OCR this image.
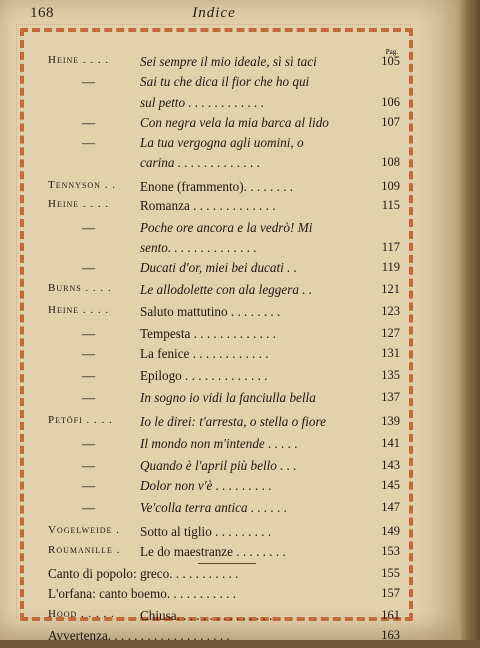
168	Indice
Pag.
Heine . . . . Sei sempre il mio ideale, sì sì taci	105
—	Sai tu che dica il fior che ho qui
sul petto . . . . . . . . . . . .	106
—	Con negra vela la mia barca al lido	107
—	La tua vergogna agli uomini, o
carina . . . . . . . . . . . . .	108
Tennyson . . Enone (frammento). . . . . . . .	109
Heine . . . . Romanza . . . . . . . . . . . . .	115
—	Poche ore ancora e la vedrò! Mi
sento. . . . . . . . . . . . . .	117
—	Ducati d'or, miei bei ducati . .	119
Burns . . . . Le allodolette con ala leggera . .	121
Heine . . . . Saluto mattutino . . . . . . . .	123
—	Tempesta . . . . . . . . . . . . .	127
—	La fenice . . . . . . . . . . . .	131
—	Epilogo . . . . . . . . . . . . .	135
—	In sogno io vidi la fanciulla bella	137
Petöfi . . . . Io le direi: t'arresta, o stella o fiore	139
—	Il mondo non m'intende . . . . .	141
—	Quando è l'april più bello . . .	143
—	Dolor non v'è . . . . . . . . .	145
—	Ve'colla terra antica . . . . . .	147
Vogelweide . Sotto al tiglio . . . . . . . . .	149
Roumanille . Le do maestranze . . . . . . . .	153
Canto di popolo: greco. . . . . . . . . . .	155
L'orfana: canto boemo. . . . . . . . . . .	157
Hood . . . . . Chiusa. . . . . . . . . . . . . . .	161
Avvertenza. . . . . . . . . . . . . . . . . . .	163
